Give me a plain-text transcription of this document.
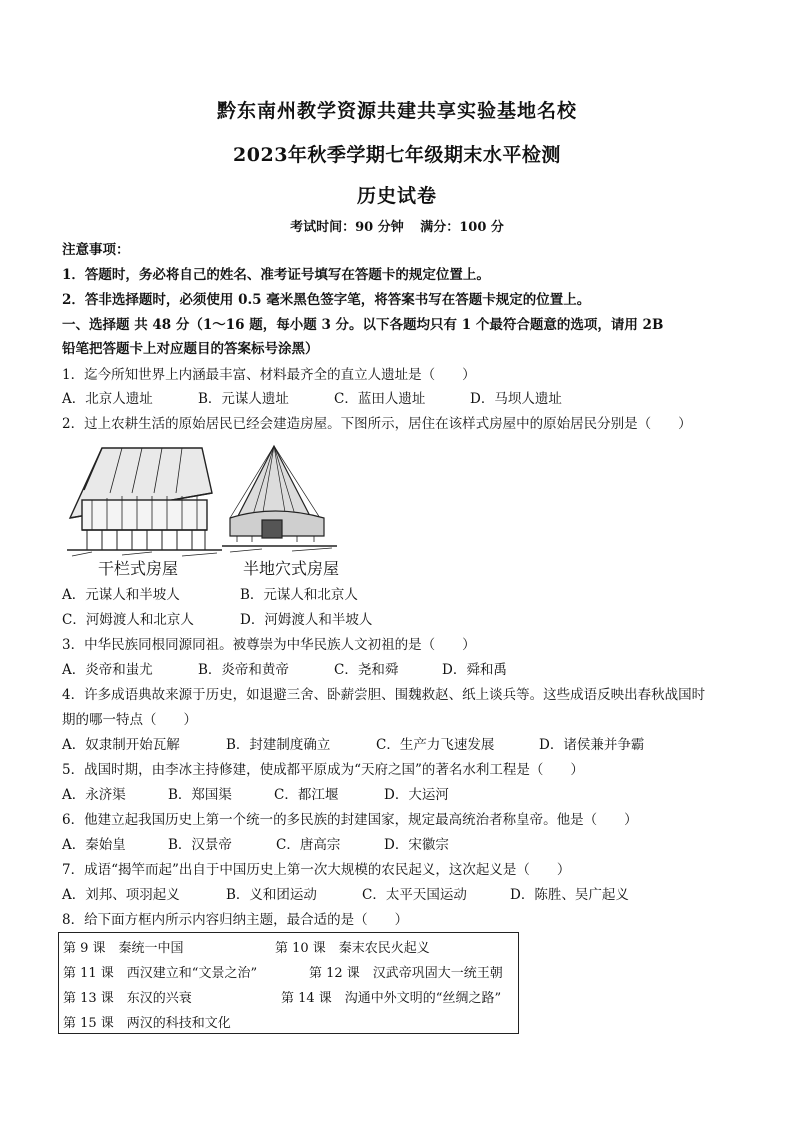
黔东南州教学资源共建共享实验基地名校
2023年秋季学期七年级期末水平检测
历史试卷
考试时间：90 分钟 满分：100 分
注意事项：
1．答题时，务必将自己的姓名、准考证号填写在答题卡的规定位置上。
2．答非选择题时，必须使用 0.5 毫米黑色签字笔，将答案书写在答题卡规定的位置上。
一、选择题 共 48 分（1～16 题，每小题 3 分。以下各题均只有 1 个最符合题意的选项，请用 2B
铅笔把答题卡上对应题目的答案标号涂黑）
1．迄今所知世界上内涵最丰富、材料最齐全的直立人遗址是（　　）
A．北京人遗址	B．元谋人遗址	C．蓝田人遗址	D．马坝人遗址
2．过上农耕生活的原始居民已经会建造房屋。下图所示，居住在该样式房屋中的原始居民分别是（　　）
干栏式房屋	半地穴式房屋
A．元谋人和半坡人	B．元谋人和北京人
C．河姆渡人和北京人	D．河姆渡人和半坡人
3．中华民族同根同源同祖。被尊崇为中华民族人文初祖的是（　　）
A．炎帝和蚩尤	B．炎帝和黄帝	C．尧和舜	D．舜和禹
4．许多成语典故来源于历史，如退避三舍、卧薪尝胆、围魏救赵、纸上谈兵等。这些成语反映出春秋战国时
期的哪一特点（　　）
A．奴隶制开始瓦解	B．封建制度确立	C．生产力飞速发展	D．诸侯兼并争霸
5．战国时期，由李冰主持修建，使成都平原成为“天府之国”的著名水利工程是（　　）
A．永济渠	B．郑国渠	C．都江堰	D．大运河
6．他建立起我国历史上第一个统一的多民族的封建国家，规定最高统治者称皇帝。他是（　　）
A．秦始皇	B．汉景帝	C．唐高宗	D．宋徽宗
7．成语“揭竿而起”出自于中国历史上第一次大规模的农民起义，这次起义是（　　）
A．刘邦、项羽起义	B．义和团运动	C．太平天国运动	D．陈胜、吴广起义
8．给下面方框内所示内容归纳主题，最合适的是（　　）
第 9 课　秦统一中国	第 10 课　秦末农民火起义
第 11 课　西汉建立和“文景之治”	第 12 课　汉武帝巩固大一统王朝
第 13 课　东汉的兴衰	第 14 课　沟通中外文明的“丝绸之路”
第 15 课　两汉的科技和文化
